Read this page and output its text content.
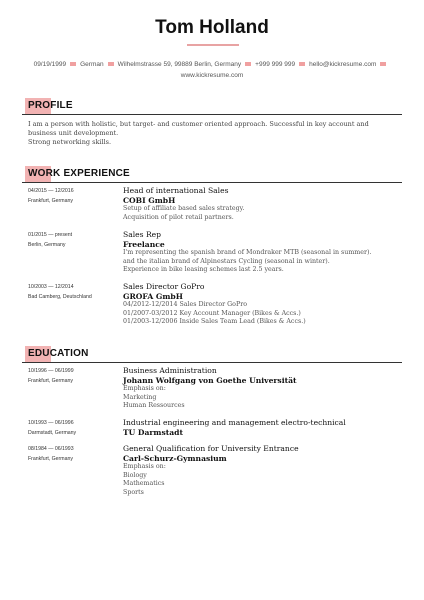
Tom Holland
09/19/1999 German Wilhelmstrasse 59, 99889 Berlin, Germany +999 999 999 hello@kickresume.com
www.kickresume.com
PROFILE
I am a person with holistic, but target- and customer oriented approach. Successful in key account and business unit development.
Strong networking skills.
WORK EXPERIENCE
04/2015 — 12/2016
Frankfurt, Germany
Head of international Sales
COBI GmbH
Setup of affiliate based sales strategy.
Acquisition of pilot retail partners.
01/2015 — present
Berlin, Germany
Sales Rep
Freelance
I'm representing the spanish brand of Mondraker MTB (seasonal in summer).
and the italian brand of Alpinestars Cycling (seasonal in winter).
Experience in bike leasing schemes last 2.5 years.
10/2003 — 12/2014
Bad Camberg, Deutschland
Sales Director GoPro
GROFA GmbH
04/2012-12/2014 Sales Director GoPro
01/2007-03/2012 Key Account Manager (Bikes & Accs.)
01/2003-12/2006 Inside Sales Team Lead (Bikes & Accs.)
EDUCATION
10/1996 — 06/1999
Frankfurt, Germany
Business Administration
Johann Wolfgang von Goethe Universität
Emphasis on:
Marketing
Human Ressources
10/1993 — 06/1996
Darmstadt, Germany
Industrial engineering and management electro-technical
TU Darmstadt
08/1984 — 06/1993
Frankfurt, Germany
General Qualification for University Entrance
Carl-Schurz-Gymnasium
Emphasis on:
Biology
Mathematics
Sports
